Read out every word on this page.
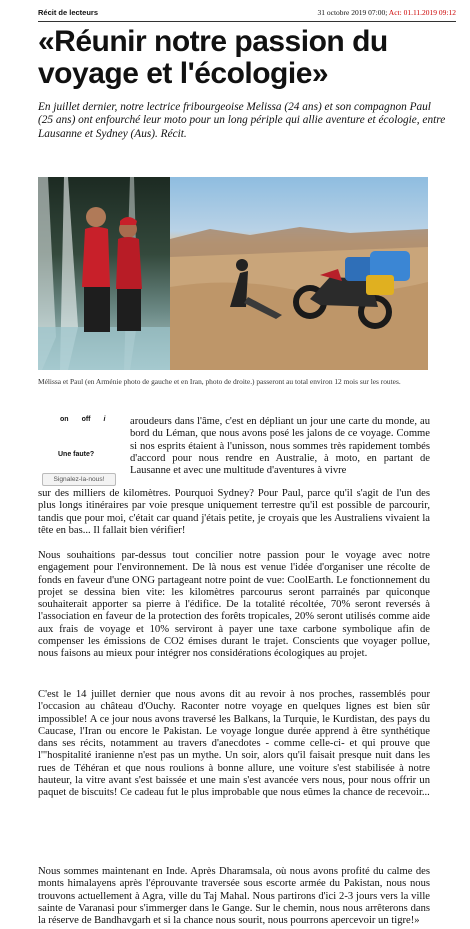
Récit de lecteurs	31 octobre 2019 07:00; Act: 01.11.2019 09:12
«Réunir notre passion du voyage et l'écologie»

En juillet dernier, notre lectrice fribourgeoise Melissa (24 ans) et son compagnon Paul (25 ans) ont enfourché leur moto pour un long périple qui allie aventure et écologie, entre Lausanne et Sydney (Aus). Récit.

Mélissa et Paul (en Arménie photo de gauche et en Iran, photo de droite.) passeront au total environ 12 mois sur les routes.

on off i
Une faute?
Signalez-la-nous!

aroudeurs dans l'âme, c'est en dépliant un jour une carte du monde, au bord du Léman, que nous avons posé les jalons de ce voyage. Comme si nos esprits étaient à l'unisson, nous sommes très rapidement tombés d'accord pour nous rendre en Australie, à moto, en partant de Lausanne et avec une multitude d'aventures à vivre

sur des milliers de kilomètres. Pourquoi Sydney? Pour Paul, parce qu'il s'agit de l'un des plus longs itinéraires par voie presque uniquement terrestre qu'il est possible de parcourir, tandis que pour moi, c'était car quand j'étais petite, je croyais que les Australiens vivaient la tête en bas... Il fallait bien vérifier!

Nous souhaitions par-dessus tout concilier notre passion pour le voyage avec notre engagement pour l'environnement. De là nous est venue l'idée d'organiser une récolte de fonds en faveur d'une ONG partageant notre point de vue: CoolEarth. Le fonctionnement du projet se dessina bien vite: les kilomètres parcourus seront parrainés par quiconque souhaiterait apporter sa pierre à l'édifice. De la totalité récoltée, 70% seront reversés à l'association en faveur de la protection des forêts tropicales, 20% seront utilisés comme aide aux frais de voyage et 10% serviront à payer une taxe carbone symbolique afin de compenser les émissions de CO2 émises durant le trajet. Conscients que voyager pollue, nous faisons au mieux pour intégrer nos considérations écologiques au projet.

C'est le 14 juillet dernier que nous avons dit au revoir à nos proches, rassemblés pour l'occasion au château d'Ouchy. Raconter notre voyage en quelques lignes est bien sûr impossible! A ce jour nous avons traversé les Balkans, la Turquie, le Kurdistan, des pays du Caucase, l'Iran ou encore le Pakistan. Le voyage longue durée apprend à être synthétique dans ses récits, notamment au travers d'anecdotes - comme celle-ci- et qui prouve que l'"hospitalité iranienne n'est pas un mythe. Un soir, alors qu'il faisait presque nuit dans les rues de Téhéran et que nous roulions à bonne allure, une voiture s'est stabilisée à notre hauteur, la vitre avant s'est baissée et une main s'est avancée vers nous, pour nous offrir un paquet de biscuits! Ce cadeau fut le plus improbable que nous eûmes la chance de recevoir...

Nous sommes maintenant en Inde. Après Dharamsala, où nous avons profité du calme des monts himalayens après l'éprouvante traversée sous escorte armée du Pakistan, nous nous trouvons actuellement à Agra, ville du Taj Mahal. Nous partirons d'ici 2-3 jours vers la ville sainte de Varanasi pour s'immerger dans le Gange. Sur le chemin, nous nous arrêterons dans la réserve de Bandhavgarh et si la chance nous sourit, nous pourrons apercevoir un tigre!»
